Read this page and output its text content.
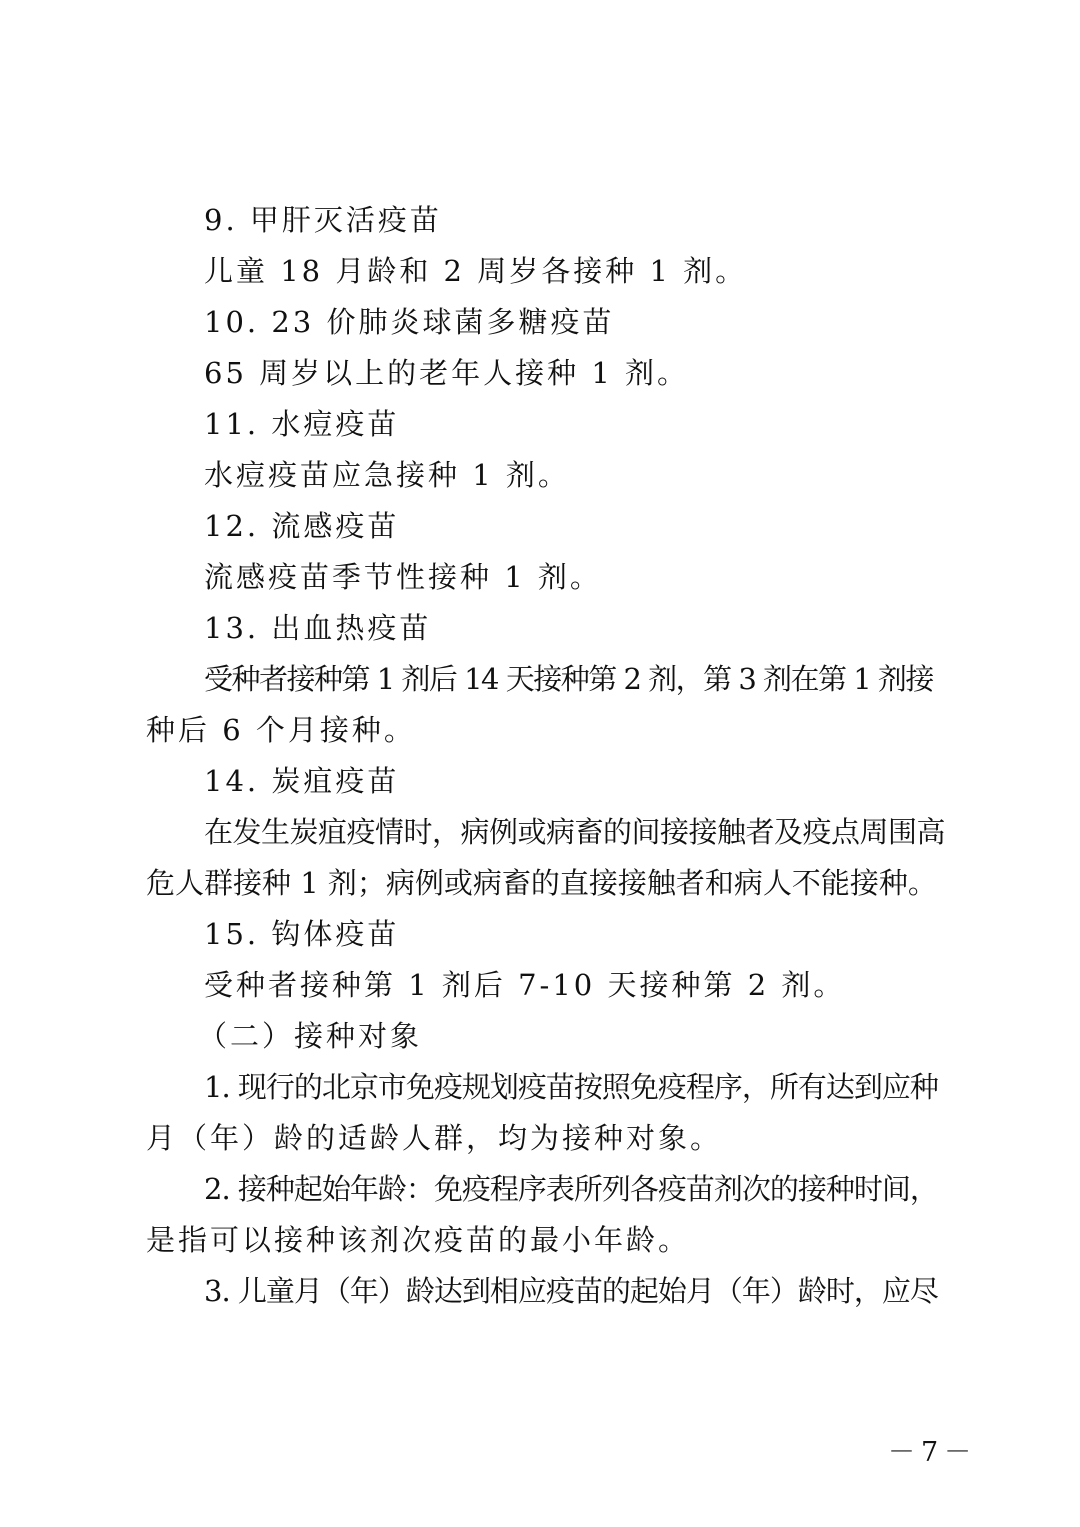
9. 甲肝灭活疫苗
儿童 18 月龄和 2 周岁各接种 1 剂。
10. 23 价肺炎球菌多糖疫苗
65 周岁以上的老年人接种 1 剂。
11. 水痘疫苗
水痘疫苗应急接种 1 剂。
12. 流感疫苗
流感疫苗季节性接种 1 剂。
13. 出血热疫苗
受种者接种第 1 剂后 14 天接种第 2 剂，第 3 剂在第 1 剂接
种后 6 个月接种。
14. 炭疽疫苗
在发生炭疽疫情时，病例或病畜的间接接触者及疫点周围高
危人群接种 1 剂；病例或病畜的直接接触者和病人不能接种。
15. 钩体疫苗
受种者接种第 1 剂后 7-10 天接种第 2 剂。
（二）接种对象
1. 现行的北京市免疫规划疫苗按照免疫程序，所有达到应种
月（年）龄的适龄人群，均为接种对象。
2. 接种起始年龄：免疫程序表所列各疫苗剂次的接种时间，
是指可以接种该剂次疫苗的最小年龄。
3. 儿童月（年）龄达到相应疫苗的起始月（年）龄时，应尽
－7－
